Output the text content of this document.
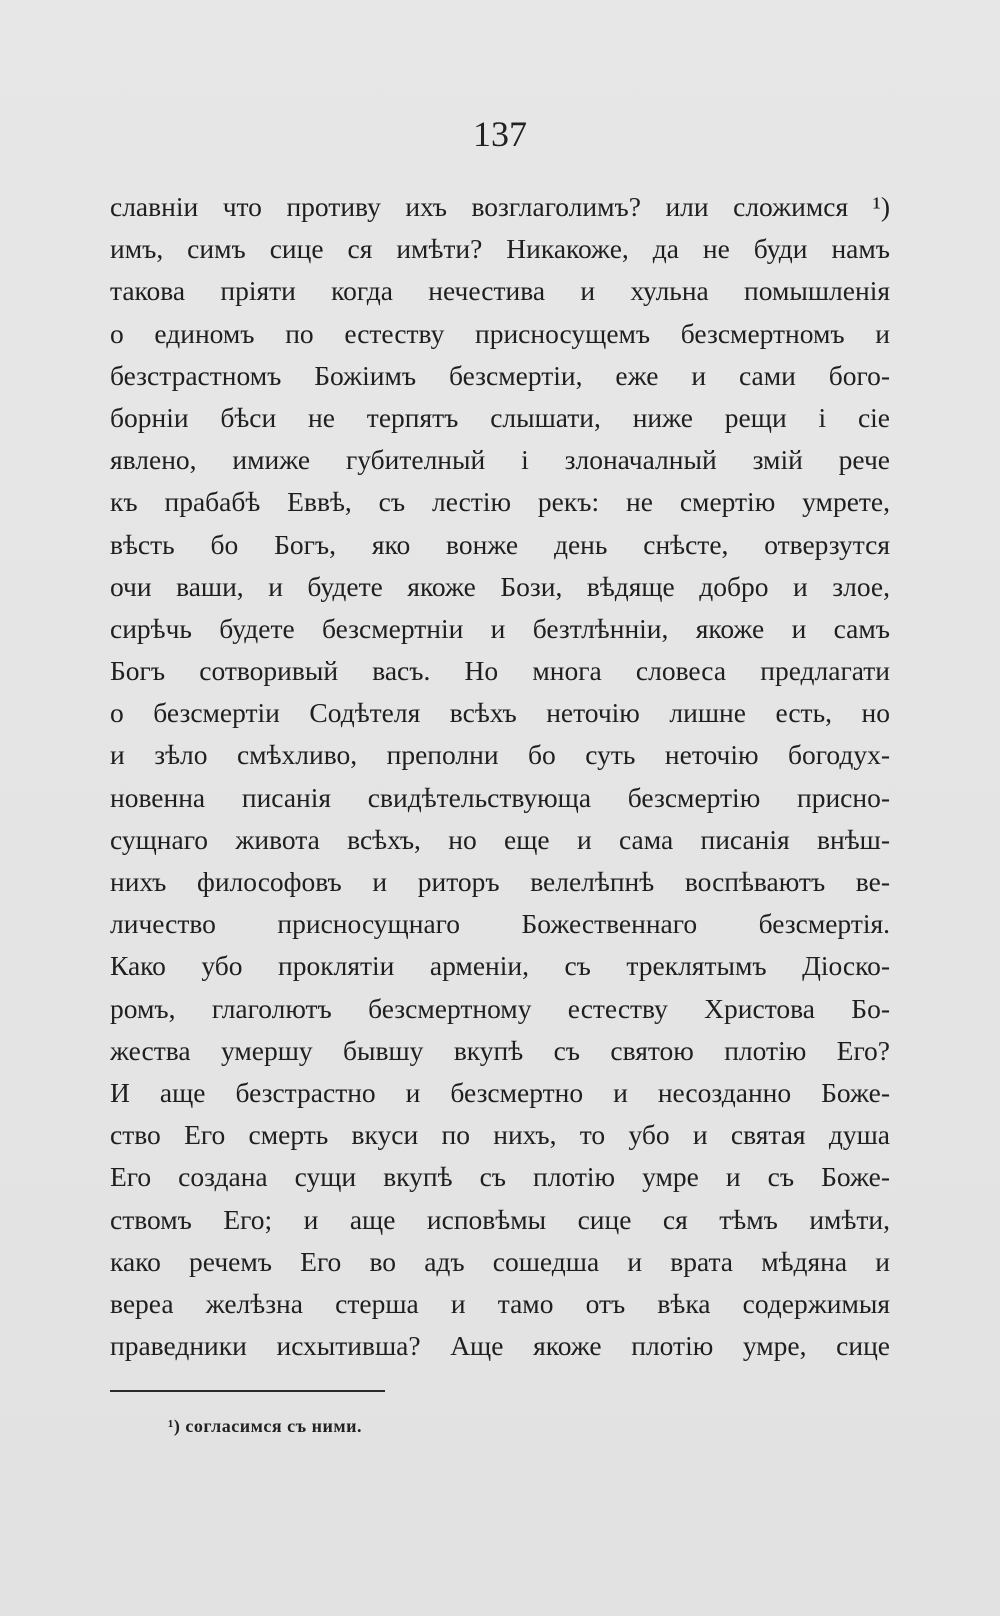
137
славніи что противу ихъ возглаголимъ? или сложимся ¹)
имъ, симъ сице ся имѣти? Никакоже, да не буди намъ
такова пріяти когда нечестива и хульна помышленія
о единомъ по естеству присносущемъ безсмертномъ и
безстрастномъ Божіимъ безсмертіи, еже и сами бого-
борніи бѣси не терпятъ слышати, ниже рещи і сіе
явлено, имиже губителный і злоначалный змій рече
къ прабабѣ Еввѣ, съ лестію рекъ: не смертію умрете,
вѣсть бо Богъ, яко вонже день снѣсте, отверзутся
очи ваши, и будете якоже Бози, вѣдяще добро и злое,
сирѣчь будете безсмертніи и безтлѣнніи, якоже и самъ
Богъ сотворивый васъ. Но многа словеса предлагати
о безсмертіи Содѣтеля всѣхъ неточію лишне есть, но
и зѣло смѣхливо, преполни бо суть неточію богодух-
новенна писанія свидѣтельствующа безсмертію присно-
сущнаго живота всѣхъ, но еще и сама писанія внѣш-
нихъ философовъ и риторъ велелѣпнѣ воспѣваютъ ве-
личество присносущнаго Божественнаго безсмертія.
Како убо проклятіи арменіи, съ треклятымъ Діоско-
ромъ, глаголютъ безсмертному естеству Христова Бо-
жества умершу бывшу вкупѣ съ святою плотію Его?
И аще безстрастно и безсмертно и несозданно Боже-
ство Его смерть вкуси по нихъ, то убо и святая душа
Его создана сущи вкупѣ съ плотію умре и съ Боже-
ствомъ Его; и аще исповѣмы сице ся тѣмъ имѣти,
како речемъ Его во адъ сошедша и врата мѣдяна и
вереа желѣзна стерша и тамо отъ вѣка содержимыя
праведники исхытивша? Аще якоже плотію умре, сице
¹) согласимся съ ними.
